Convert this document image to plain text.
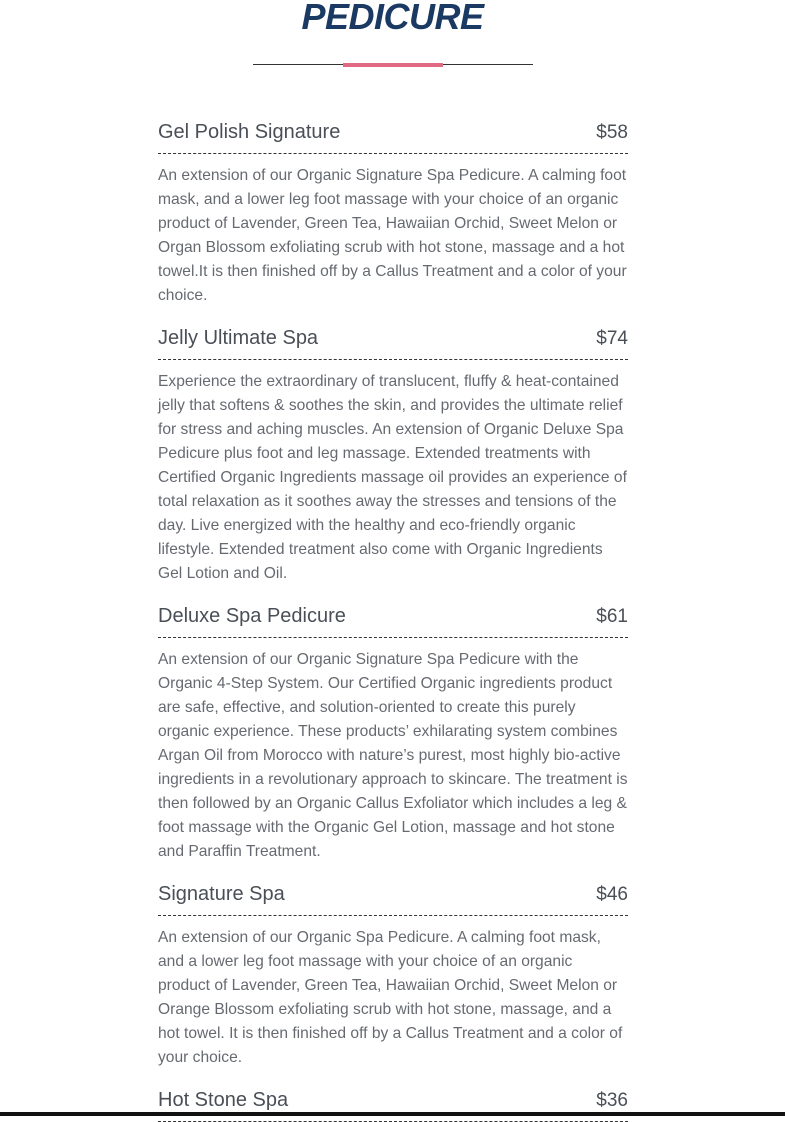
PEDICURE
Gel Polish Signature	$58

An extension of our Organic Signature Spa Pedicure. A calming foot mask, and a lower leg foot massage with your choice of an organic product of Lavender, Green Tea, Hawaiian Orchid, Sweet Melon or Organ Blossom exfoliating scrub with hot stone, massage and a hot towel.It is then finished off by a Callus Treatment and a color of your choice.

Jelly Ultimate Spa	$74

Experience the extraordinary of translucent, fluffy & heat-contained jelly that softens & soothes the skin, and provides the ultimate relief for stress and aching muscles. An extension of Organic Deluxe Spa Pedicure plus foot and leg massage. Extended treatments with Certified Organic Ingredients massage oil provides an experience of total relaxation as it soothes away the stresses and tensions of the day. Live energized with the healthy and eco-friendly organic lifestyle. Extended treatment also come with Organic Ingredients Gel Lotion and Oil.

Deluxe Spa Pedicure	$61

An extension of our Organic Signature Spa Pedicure with the Organic 4-Step System. Our Certified Organic ingredients product are safe, effective, and solution-oriented to create this purely organic experience. These products’ exhilarating system combines Argan Oil from Morocco with nature’s purest, most highly bio-active ingredients in a revolutionary approach to skincare. The treatment is then followed by an Organic Callus Exfoliator which includes a leg & foot massage with the Organic Gel Lotion, massage and hot stone and Paraffin Treatment.

Signature Spa	$46

An extension of our Organic Spa Pedicure. A calming foot mask, and a lower leg foot massage with your choice of an organic product of Lavender, Green Tea, Hawaiian Orchid, Sweet Melon or Orange Blossom exfoliating scrub with hot stone, massage, and a hot towel. It is then finished off by a Callus Treatment and a color of your choice.

Hot Stone Spa	$36
